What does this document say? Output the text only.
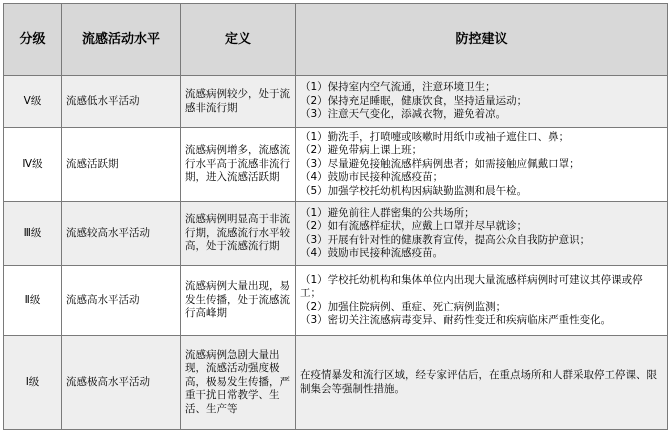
分级	流感活动水平	定义	防控建议
V级	流感低水平活动	流感病例较少，处于流感非流行期	（1）保持室内空气流通，注意环境卫生；
（2）保持充足睡眠，健康饮食，坚持适量运动；
（3）注意天气变化，添减衣物，避免着凉。

Ⅳ级	流感活跃期	流感病例增多，流感流行水平高于流感非流行期，进入流感活跃期	（1）勤洗手，打喷嚏或咳嗽时用纸巾或袖子遮住口、鼻；
（2）避免带病上课上班；
（3）尽量避免接触流感样病例患者；如需接触应佩戴口罩；
（4）鼓励市民接种流感疫苗；
（5）加强学校托幼机构因病缺勤监测和晨午检。

Ⅲ级	流感较高水平活动	流感病例明显高于非流行期，流感流行水平较高，处于流感流行期	（1）避免前往人群密集的公共场所；
（2）如有流感样症状，应戴上口罩并尽早就诊；
（3）开展有针对性的健康教育宣传，提高公众自我防护意识；
（4）鼓励市民接种流感疫苗。

Ⅱ级	流感高水平活动	流感病例大量出现，易发生传播，处于流感流行高峰期	（1）学校托幼机构和集体单位内出现大量流感样病例时可建议其停课或停工；
（2）加强住院病例、重症、死亡病例监测；
（3）密切关注流感病毒变异、耐药性变迁和疾病临床严重性变化。

Ⅰ级	流感极高水平活动	流感病例急剧大量出现，流感活动强度极高，极易发生传播，严重干扰日常教学、生活、生产等	在疫情暴发和流行区域，经专家评估后，在重点场所和人群采取停工停课、限制集会等强制性措施。
